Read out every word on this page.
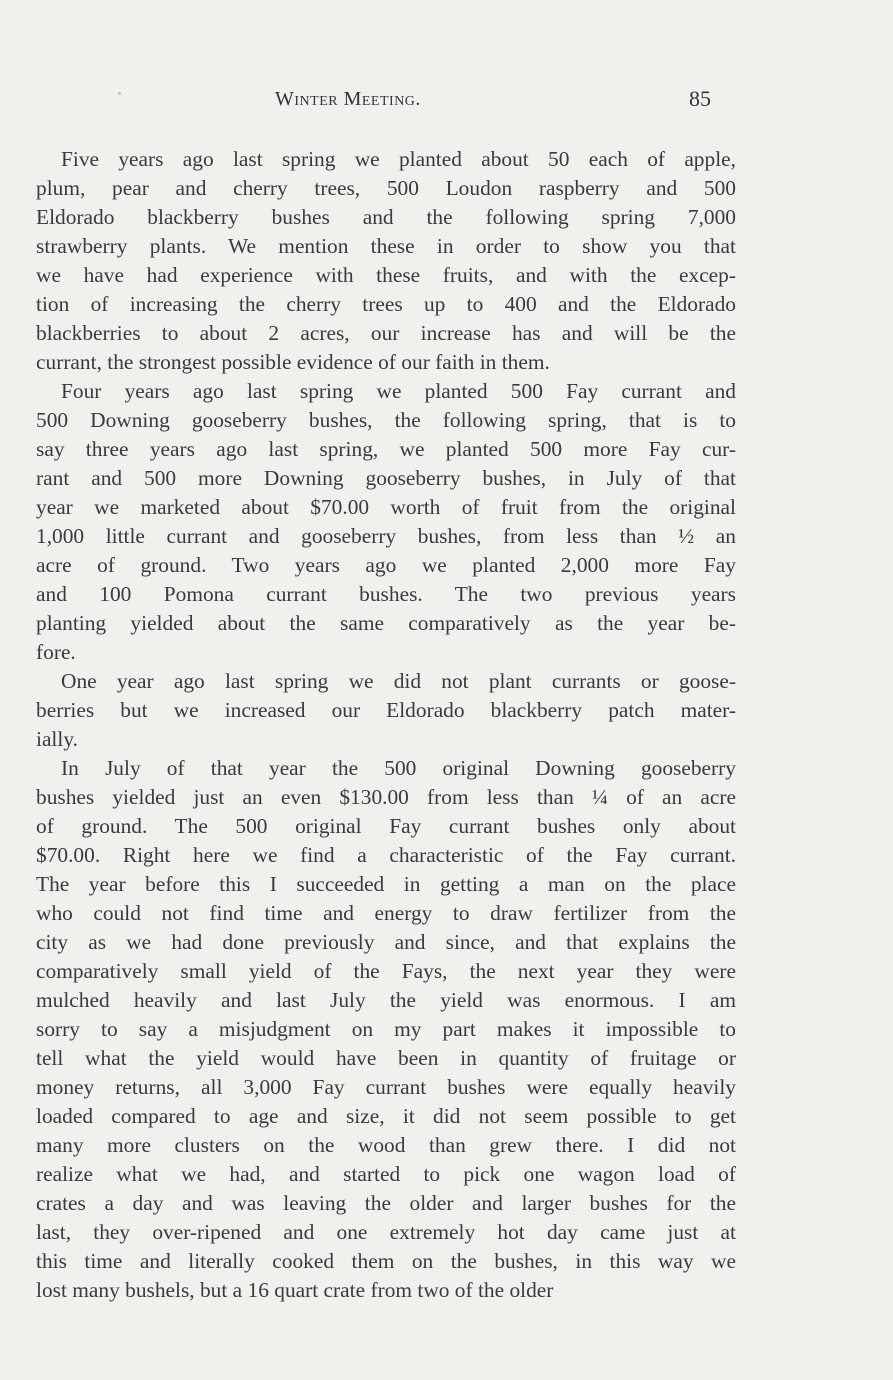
Winter Meeting.	85
Five years ago last spring we planted about 50 each of apple,
plum, pear and cherry trees, 500 Loudon raspberry and 500
Eldorado blackberry bushes and the following spring 7,000
strawberry plants. We mention these in order to show you that
we have had experience with these fruits, and with the excep-
tion of increasing the cherry trees up to 400 and the Eldorado
blackberries to about 2 acres, our increase has and will be the
currant, the strongest possible evidence of our faith in them.
Four years ago last spring we planted 500 Fay currant and
500 Downing gooseberry bushes, the following spring, that is to
say three years ago last spring, we planted 500 more Fay cur-
rant and 500 more Downing gooseberry bushes, in July of that
year we marketed about $70.00 worth of fruit from the original
1,000 little currant and gooseberry bushes, from less than ½ an
acre of ground. Two years ago we planted 2,000 more Fay
and 100 Pomona currant bushes. The two previous years
planting yielded about the same comparatively as the year be-
fore.
One year ago last spring we did not plant currants or goose-
berries but we increased our Eldorado blackberry patch mater-
ially.
In July of that year the 500 original Downing gooseberry
bushes yielded just an even $130.00 from less than ¼ of an acre
of ground. The 500 original Fay currant bushes only about
$70.00. Right here we find a characteristic of the Fay currant.
The year before this I succeeded in getting a man on the place
who could not find time and energy to draw fertilizer from the
city as we had done previously and since, and that explains the
comparatively small yield of the Fays, the next year they were
mulched heavily and last July the yield was enormous. I am
sorry to say a misjudgment on my part makes it impossible to
tell what the yield would have been in quantity of fruitage or
money returns, all 3,000 Fay currant bushes were equally heavily
loaded compared to age and size, it did not seem possible to get
many more clusters on the wood than grew there. I did not
realize what we had, and started to pick one wagon load of
crates a day and was leaving the older and larger bushes for the
last, they over-ripened and one extremely hot day came just at
this time and literally cooked them on the bushes, in this way we
lost many bushels, but a 16 quart crate from two of the older
